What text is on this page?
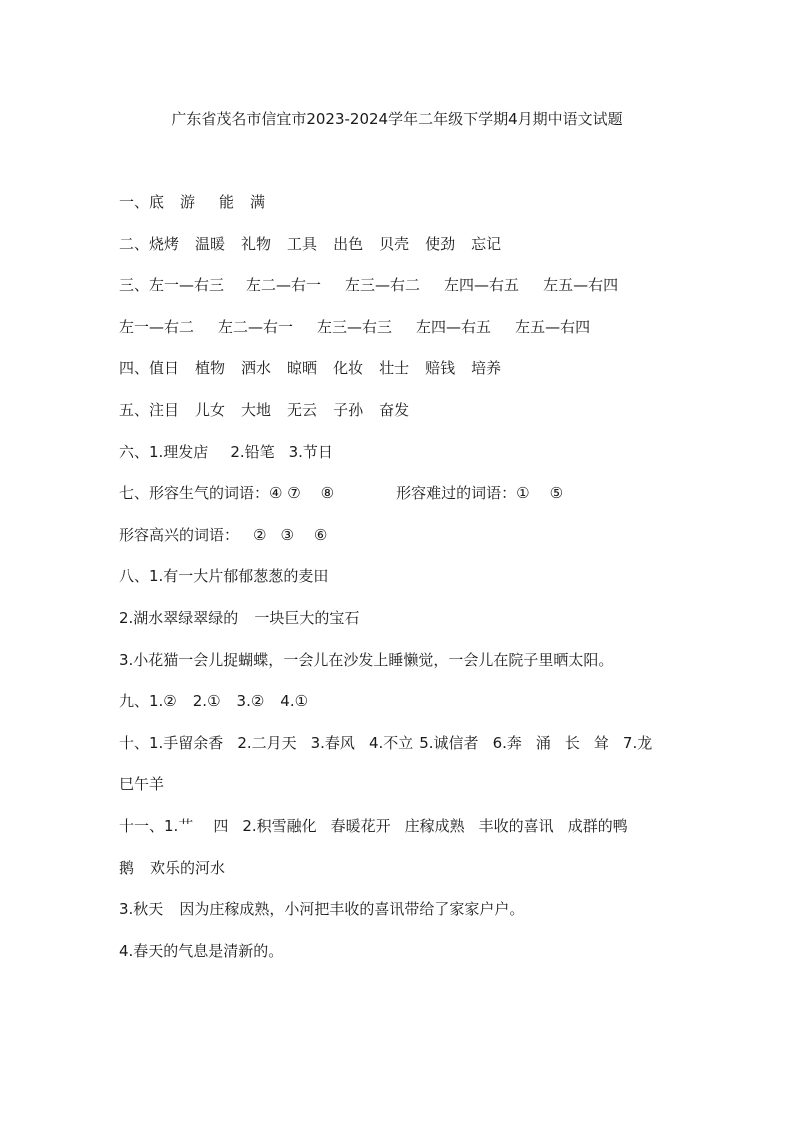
广东省茂名市信宜市2023-2024学年二年级下学期4月期中语文试题
一、底 游 能 满
二、烧烤 温暖 礼物 工具 出色 贝壳 使劲 忘记
三、左一—右三 左二—右一 左三—右二 左四—右五 左五—右四
左一—右二 左二—右一 左三—右三 左四—右五 左五—右四
四、值日 植物 洒水 晾晒 化妆 壮士 赔钱 培养
五、注目 儿女 大地 无云 子孙 奋发
六、1.理发店 2.铅笔 3.节日
七、形容生气的词语：④ ⑦ ⑧	形容难过的词语：① ⑤
形容高兴的词语： ② ③ ⑥
八、1.有一大片郁郁葱葱的麦田
2.湖水翠绿翠绿的 一块巨大的宝石
3.小花猫一会儿捉蝴蝶，一会儿在沙发上睡懒觉，一会儿在院子里晒太阳。
九、1.② 2.① 3.② 4.①
十、1.手留余香 2.二月天 3.春风 4.不立 5.诚信者 6.奔 涌 长 耸 7.龙
巳午羊
十一、1.艹 四 2.积雪融化 春暖花开 庄稼成熟 丰收的喜讯 成群的鸭
鹅 欢乐的河水
3.秋天 因为庄稼成熟，小河把丰收的喜讯带给了家家户户。
4.春天的气息是清新的。
